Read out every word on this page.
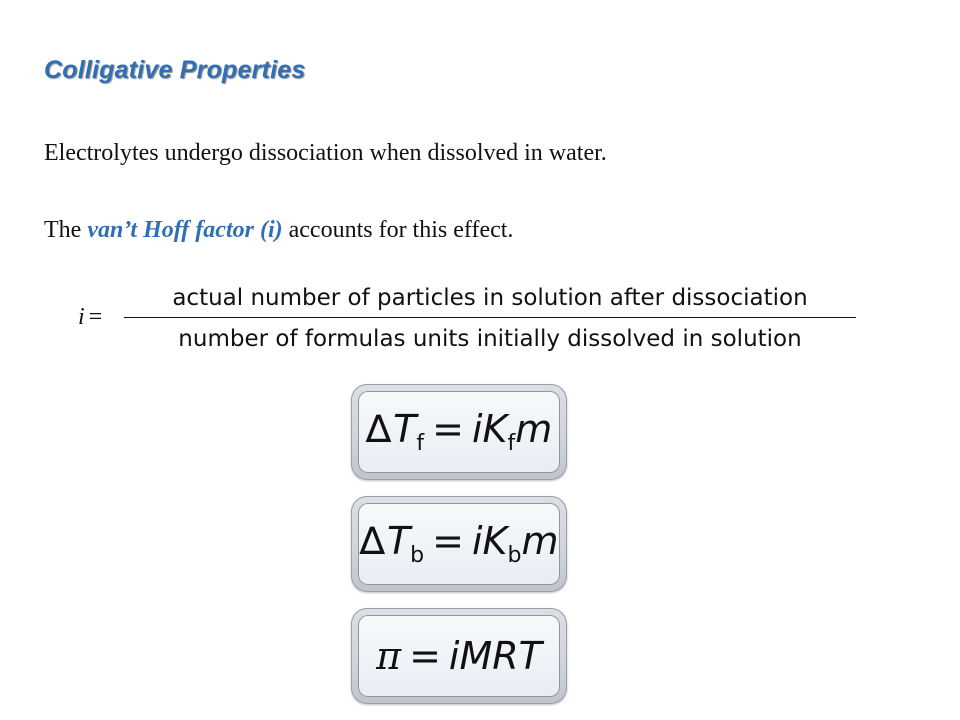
Colligative Properties
Electrolytes undergo dissociation when dissolved in water.
The van’t Hoff factor (i) accounts for this effect.
i =
actual number of particles in solution after dissociation
number of formulas units initially dissolved in solution
$\Delta T_f = iK_fm$
$\Delta T_b = iK_bm$
π = iMRT
